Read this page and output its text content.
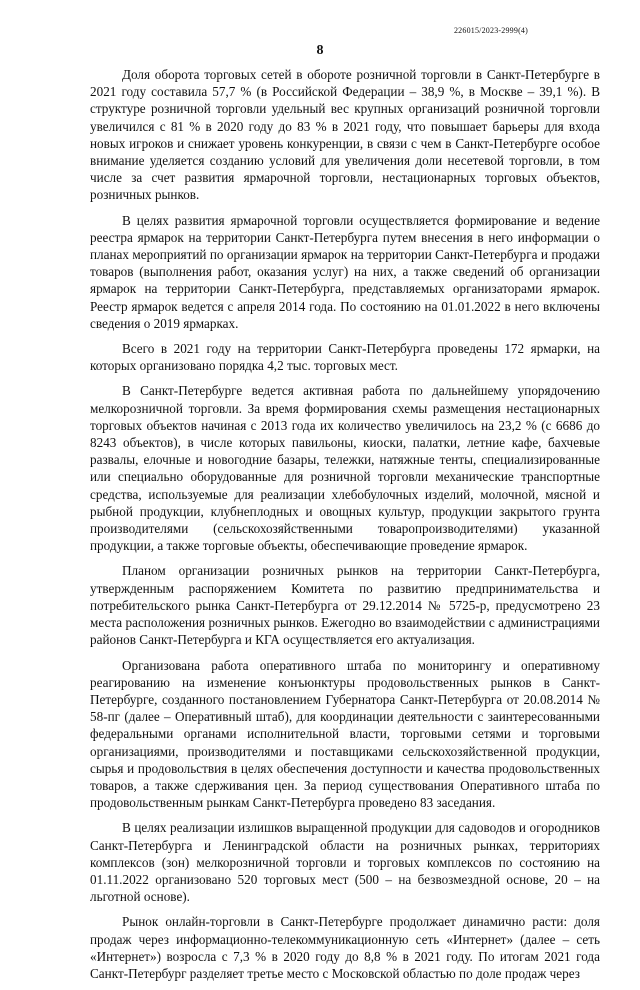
226015/2023-2999(4)
8

Доля оборота торговых сетей в обороте розничной торговли в Санкт-Петербурге в 2021 году составила 57,7 % (в Российской Федерации – 38,9 %, в Москве – 39,1 %). В структуре розничной торговли удельный вес крупных организаций розничной торговли увеличился с 81 % в 2020 году до 83 % в 2021 году, что повышает барьеры для входа новых игроков и снижает уровень конкуренции, в связи с чем в Санкт-Петербурге особое внимание уделяется созданию условий для увеличения доли несетевой торговли, в том числе за счет развития ярмарочной торговли, нестационарных торговых объектов, розничных рынков.

В целях развития ярмарочной торговли осуществляется формирование и ведение реестра ярмарок на территории Санкт-Петербурга путем внесения в него информации о планах мероприятий по организации ярмарок на территории Санкт-Петербурга и продажи товаров (выполнения работ, оказания услуг) на них, а также сведений об организации ярмарок на территории Санкт-Петербурга, представляемых организаторами ярмарок. Реестр ярмарок ведется с апреля 2014 года. По состоянию на 01.01.2022 в него включены сведения о 2019 ярмарках.

Всего в 2021 году на территории Санкт-Петербурга проведены 172 ярмарки, на которых организовано порядка 4,2 тыс. торговых мест.

В Санкт-Петербурге ведется активная работа по дальнейшему упорядочению мелкорозничной торговли. За время формирования схемы размещения нестационарных торговых объектов начиная с 2013 года их количество увеличилось на 23,2 % (с 6686 до 8243 объектов), в числе которых павильоны, киоски, палатки, летние кафе, бахчевые развалы, елочные и новогодние базары, тележки, натяжные тенты, специализированные или специально оборудованные для розничной торговли механические транспортные средства, используемые для реализации хлебобулочных изделий, молочной, мясной и рыбной продукции, клубнеплодных и овощных культур, продукции закрытого грунта производителями (сельскохозяйственными товаропроизводителями) указанной продукции, а также торговые объекты, обеспечивающие проведение ярмарок.

Планом организации розничных рынков на территории Санкт-Петербурга, утвержденным распоряжением Комитета по развитию предпринимательства и потребительского рынка Санкт-Петербурга от 29.12.2014 № 5725-р, предусмотрено 23 места расположения розничных рынков. Ежегодно во взаимодействии с администрациями районов Санкт-Петербурга и КГА осуществляется его актуализация.

Организована работа оперативного штаба по мониторингу и оперативному реагированию на изменение конъюнктуры продовольственных рынков в Санкт-Петербурге, созданного постановлением Губернатора Санкт-Петербурга от 20.08.2014 № 58-пг (далее – Оперативный штаб), для координации деятельности с заинтересованными федеральными органами исполнительной власти, торговыми сетями и торговыми организациями, производителями и поставщиками сельскохозяйственной продукции, сырья и продовольствия в целях обеспечения доступности и качества продовольственных товаров, а также сдерживания цен. За период существования Оперативного штаба по продовольственным рынкам Санкт-Петербурга проведено 83 заседания.

В целях реализации излишков выращенной продукции для садоводов и огородников Санкт-Петербурга и Ленинградской области на розничных рынках, территориях комплексов (зон) мелкорозничной торговли и торговых комплексов по состоянию на 01.11.2022 организовано 520 торговых мест (500 – на безвозмездной основе, 20 – на льготной основе).

Рынок онлайн-торговли в Санкт-Петербурге продолжает динамично расти: доля продаж через информационно-телекоммуникационную сеть «Интернет» (далее – сеть «Интернет») возросла с 7,3 % в 2020 году до 8,8 % в 2021 году. По итогам 2021 года Санкт-Петербург разделяет третье место с Московской областью по доле продаж через
